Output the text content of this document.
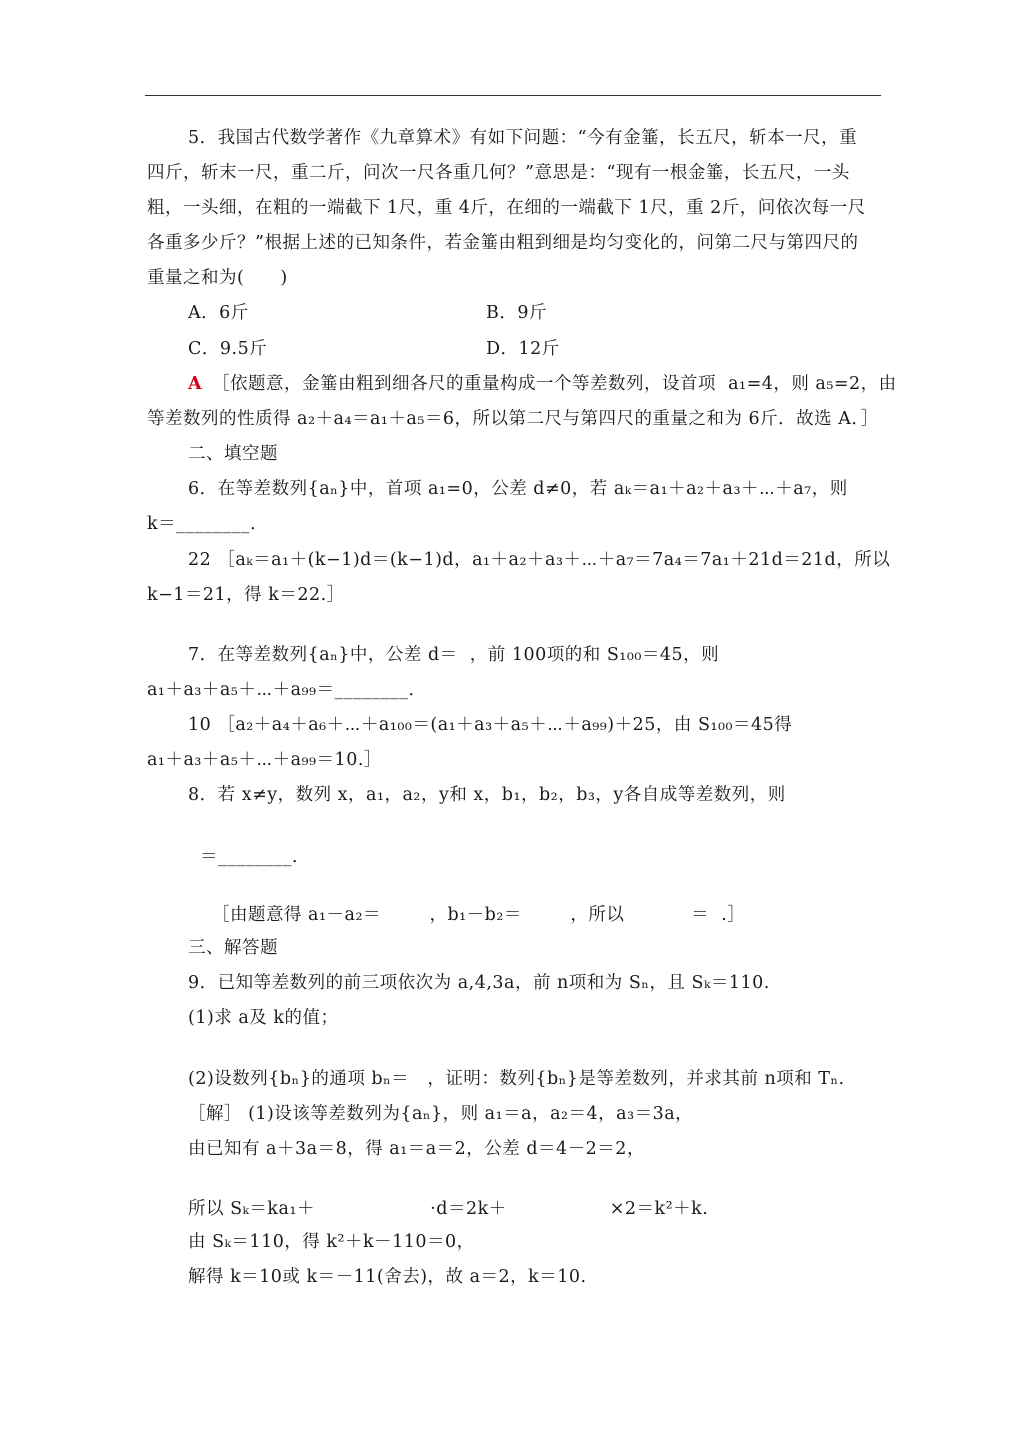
5．我国古代数学著作《九章算术》有如下问题：“今有金箠，长五尺，斩本一尺，重
四斤，斩末一尺，重二斤，问次一尺各重几何？”意思是：“现有一根金箠，长五尺，一头
粗，一头细，在粗的一端截下 1尺，重 4斤，在细的一端截下 1尺，重 2斤，问依次每一尺
各重多少斤？”根据上述的已知条件，若金箠由粗到细是均匀变化的，问第二尺与第四尺的
重量之和为(　　)
A．6斤	B．9斤
C．9.5斤	D．12斤
A ［依题意，金箠由粗到细各尺的重量构成一个等差数列，设首项  a₁=4，则 a₅=2，由
等差数列的性质得 a₂＋a₄＝a₁＋a₅＝6，所以第二尺与第四尺的重量之和为 6斤．故选 A．］
二、填空题
6．在等差数列{aₙ}中，首项 a₁=0，公差 d≠0，若 aₖ＝a₁＋a₂＋a₃＋⋯＋a₇，则
k＝________．
22 ［aₖ＝a₁＋(k−1)d＝(k−1)d，a₁＋a₂＋a₃＋⋯＋a₇＝7a₄＝7a₁＋21d＝21d，所以
k−1＝21，得 k＝22.］
7．在等差数列{aₙ}中，公差 d＝  ，前 100项的和 S₁₀₀＝45，则
a₁＋a₃＋a₅＋⋯＋a₉₉＝________．
10 ［a₂＋a₄＋a₆＋⋯＋a₁₀₀＝(a₁＋a₃＋a₅＋⋯＋a₉₉)＋25，由 S₁₀₀＝45得
a₁＋a₃＋a₅＋⋯＋a₉₉＝10.］
8．若 x≠y，数列 x，a₁，a₂，y和 x，b₁，b₂，b₃，y各自成等差数列，则
＝________．
［由题意得 a₁－a₂＝        ，b₁－b₂＝        ，所以           ＝  .］
三、解答题
9．已知等差数列的前三项依次为 a,4,3a，前 n项和为 Sₙ，且 Sₖ＝110.
(1)求 a及 k的值；
(2)设数列{bₙ}的通项 bₙ＝   ，证明：数列{bₙ}是等差数列，并求其前 n项和 Tₙ.
［解］ (1)设该等差数列为{aₙ}，则 a₁＝a，a₂＝4，a₃＝3a，
由已知有 a＋3a＝8，得 a₁＝a＝2，公差 d＝4－2＝2，
所以 Sₖ＝ka₁＋                   ·d＝2k＋                 ×2＝k²＋k.
由 Sₖ＝110，得 k²＋k－110＝0，
解得 k＝10或 k＝－11(舍去)，故 a＝2，k＝10.
